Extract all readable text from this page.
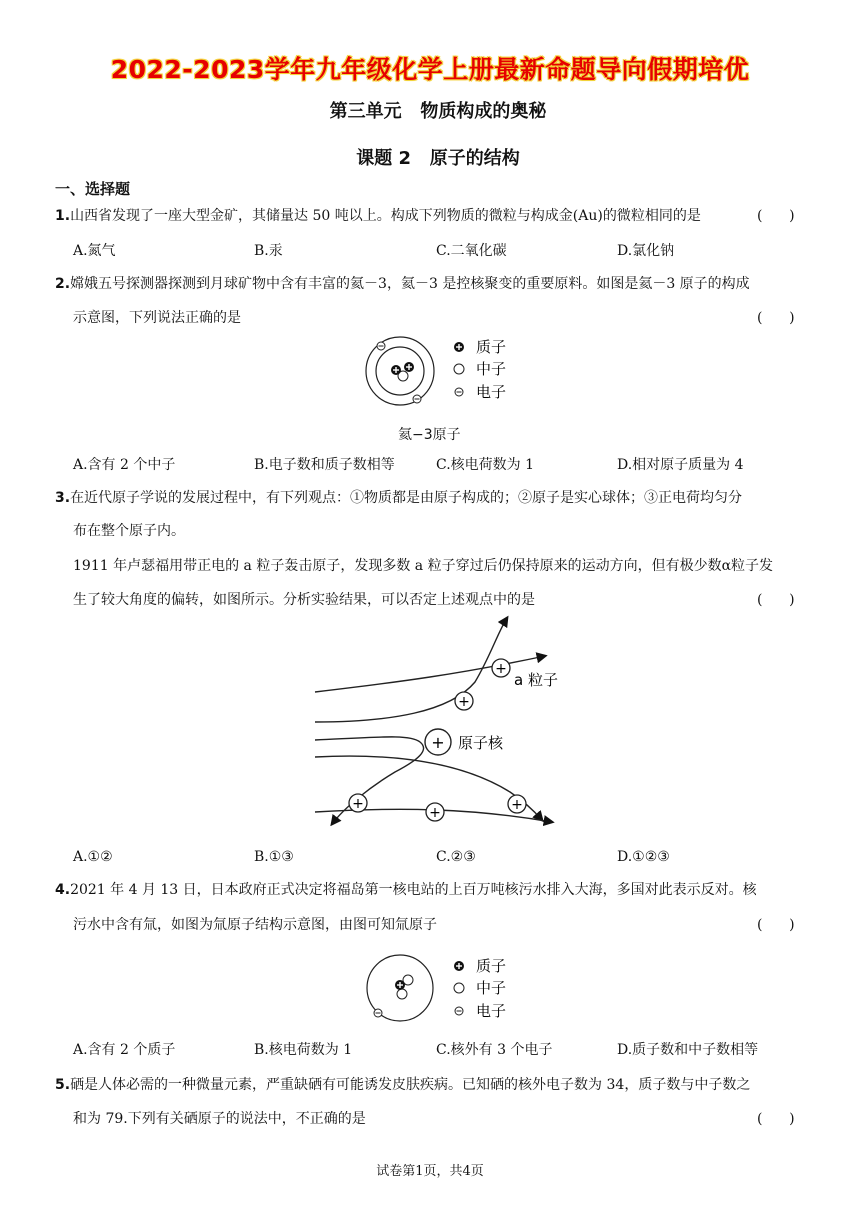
2022-2023学年九年级化学上册最新命题导向假期培优
第三单元   物质构成的奥秘
课题 2   原子的结构
一、选择题
1.山西省发现了一座大型金矿，其储量达 50 吨以上。构成下列物质的微粒与构成金(Au)的微粒相同的是	(      )
A.氮气	B.汞	C.二氧化碳	D.氯化钠
2.嫦娥五号探测器探测到月球矿物中含有丰富的氦－3，氦－3 是控核聚变的重要原料。如图是氦－3 原子的构成
示意图，下列说法正确的是	(      )
质子
中子
电子
氦−3原子
A.含有 2 个中子	B.电子数和质子数相等	C.核电荷数为 1	D.相对原子质量为 4
3.在近代原子学说的发展过程中，有下列观点：①物质都是由原子构成的；②原子是实心球体；③正电荷均匀分
布在整个原子内。
1911 年卢瑟福用带正电的 a 粒子轰击原子，发现多数 a 粒子穿过后仍保持原来的运动方向，但有极少数α粒子发
生了较大角度的偏转，如图所示。分析实验结果，可以否定上述观点中的是	(      )
+
+
+
+	+
+
a 粒子
原子核
A.①②	B.①③	C.②③	D.①②③
4.2021 年 4 月 13 日，日本政府正式决定将福岛第一核电站的上百万吨核污水排入大海，多国对此表示反对。核
污水中含有氚，如图为氚原子结构示意图，由图可知氚原子	(      )
质子
中子
电子
A.含有 2 个质子	B.核电荷数为 1	C.核外有 3 个电子	D.质子数和中子数相等
5.硒是人体必需的一种微量元素，严重缺硒有可能诱发皮肤疾病。已知硒的核外电子数为 34，质子数与中子数之
和为 79.下列有关硒原子的说法中，不正确的是	(      )
试卷第1页，共4页
